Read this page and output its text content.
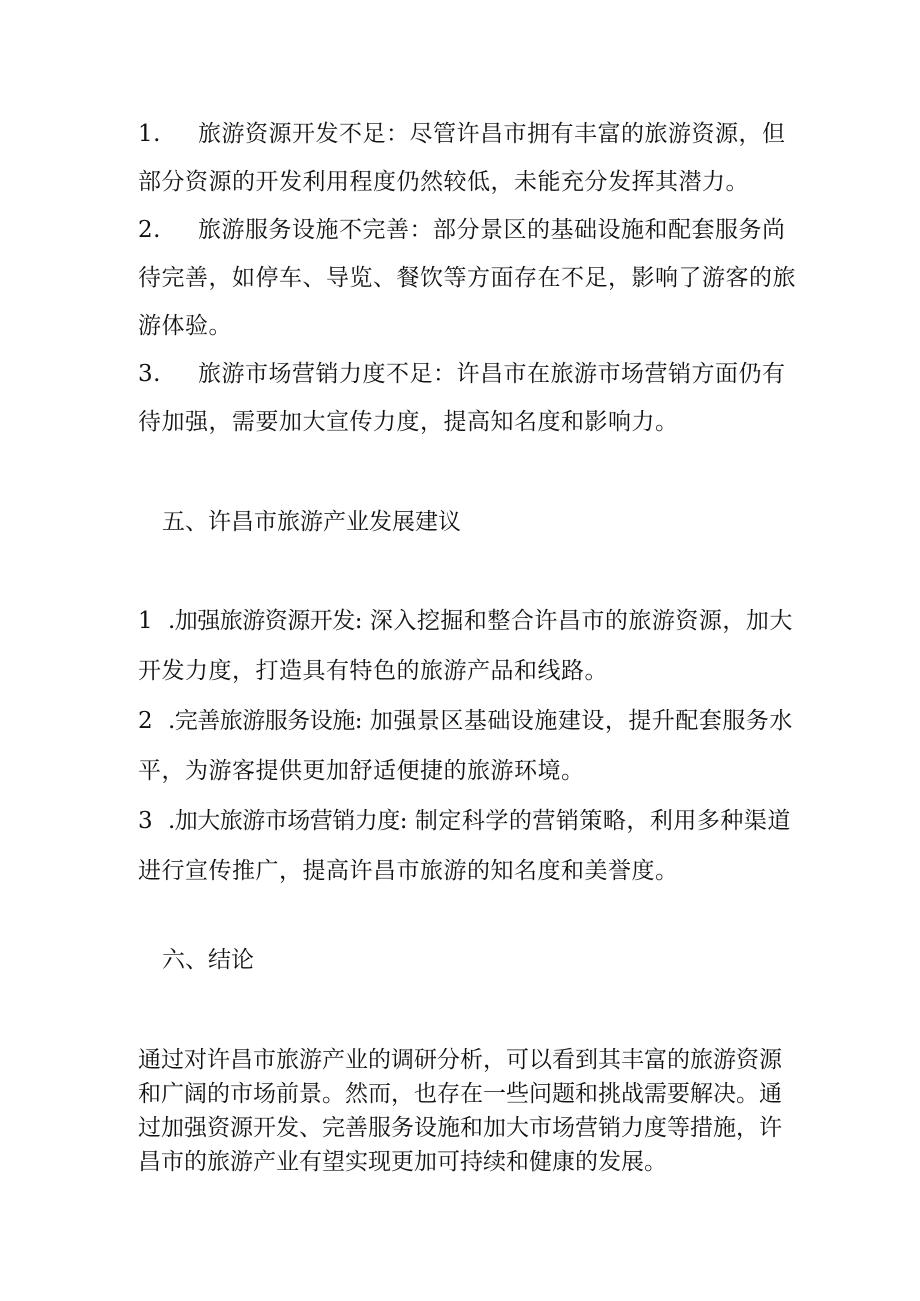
1. 旅游资源开发不足：尽管许昌市拥有丰富的旅游资源，但
部分资源的开发利用程度仍然较低，未能充分发挥其潜力。
2. 旅游服务设施不完善：部分景区的基础设施和配套服务尚
待完善，如停车、导览、餐饮等方面存在不足，影响了游客的旅
游体验。
3. 旅游市场营销力度不足：许昌市在旅游市场营销方面仍有
待加强，需要加大宣传力度，提高知名度和影响力。
五、许昌市旅游产业发展建议
1 .加强旅游资源开发: 深入挖掘和整合许昌市的旅游资源，加大
开发力度，打造具有特色的旅游产品和线路。
2 .完善旅游服务设施: 加强景区基础设施建设，提升配套服务水
平，为游客提供更加舒适便捷的旅游环境。
3 .加大旅游市场营销力度: 制定科学的营销策略，利用多种渠道
进行宣传推广，提高许昌市旅游的知名度和美誉度。
六、结论
通过对许昌市旅游产业的调研分析，可以看到其丰富的旅游资源
和广阔的市场前景。然而，也存在一些问题和挑战需要解决。通
过加强资源开发、完善服务设施和加大市场营销力度等措施，许
昌市的旅游产业有望实现更加可持续和健康的发展。
